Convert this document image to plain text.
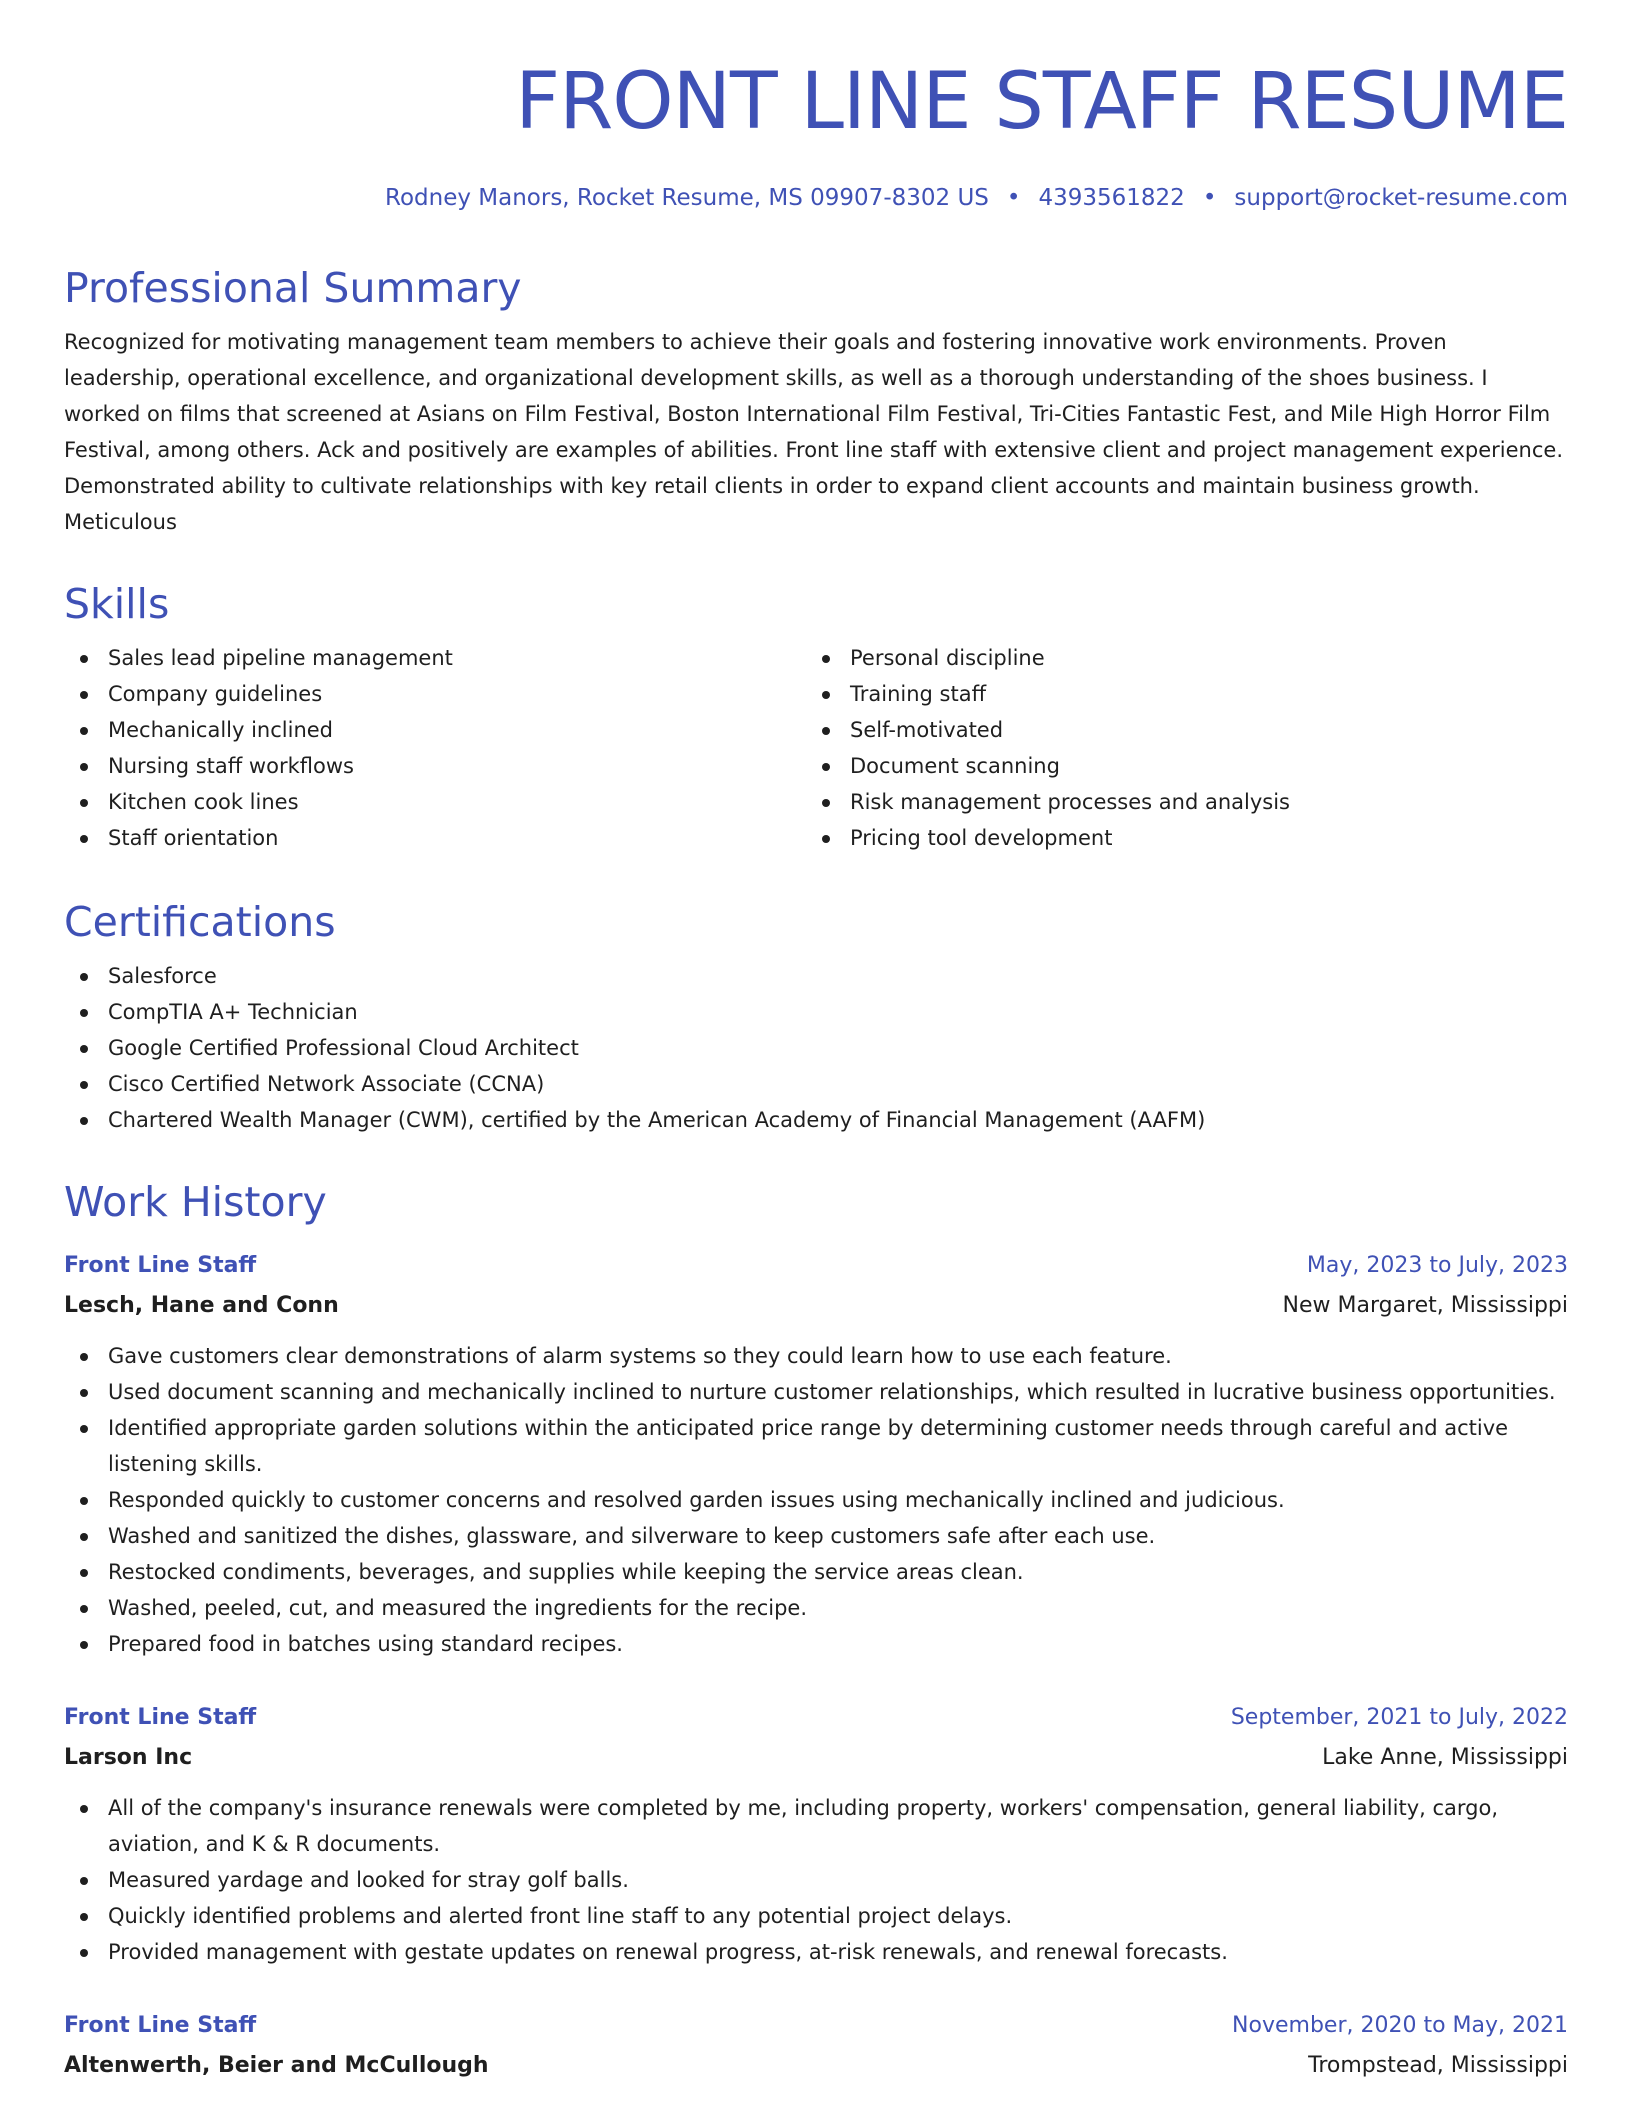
FRONT LINE STAFF RESUME
Rodney Manors, Rocket Resume, MS 09907-8302 US • 4393561822 • support@rocket-resume.com
Professional Summary

Recognized for motivating management team members to achieve their goals and fostering innovative work environments. Proven leadership, operational excellence, and organizational development skills, as well as a thorough understanding of the shoes business. I worked on films that screened at Asians on Film Festival, Boston International Film Festival, Tri-Cities Fantastic Fest, and Mile High Horror Film Festival, among others. Ack and positively are examples of abilities. Front line staff with extensive client and project management experience. Demonstrated ability to cultivate relationships with key retail clients in order to expand client accounts and maintain business growth. Meticulous

Skills
Sales lead pipeline management
Company guidelines
Mechanically inclined
Nursing staff workflows
Kitchen cook lines
Staff orientation
Personal discipline
Training staff
Self-motivated
Document scanning
Risk management processes and analysis
Pricing tool development
Certifications
Salesforce
CompTIA A+ Technician
Google Certified Professional Cloud Architect
Cisco Certified Network Associate (CCNA)
Chartered Wealth Manager (CWM), certified by the American Academy of Financial Management (AAFM)
Work History
Front Line Staff	May, 2023 to July, 2023
Lesch, Hane and Conn	New Margaret, Mississippi
Gave customers clear demonstrations of alarm systems so they could learn how to use each feature.
Used document scanning and mechanically inclined to nurture customer relationships, which resulted in lucrative business opportunities.
Identified appropriate garden solutions within the anticipated price range by determining customer needs through careful and active listening skills.
Responded quickly to customer concerns and resolved garden issues using mechanically inclined and judicious.
Washed and sanitized the dishes, glassware, and silverware to keep customers safe after each use.
Restocked condiments, beverages, and supplies while keeping the service areas clean.
Washed, peeled, cut, and measured the ingredients for the recipe.
Prepared food in batches using standard recipes.
Front Line Staff	September, 2021 to July, 2022
Larson Inc	Lake Anne, Mississippi
All of the company's insurance renewals were completed by me, including property, workers' compensation, general liability, cargo, aviation, and K & R documents.
Measured yardage and looked for stray golf balls.
Quickly identified problems and alerted front line staff to any potential project delays.
Provided management with gestate updates on renewal progress, at-risk renewals, and renewal forecasts.
Front Line Staff	November, 2020 to May, 2021
Altenwerth, Beier and McCullough	Trompstead, Mississippi
